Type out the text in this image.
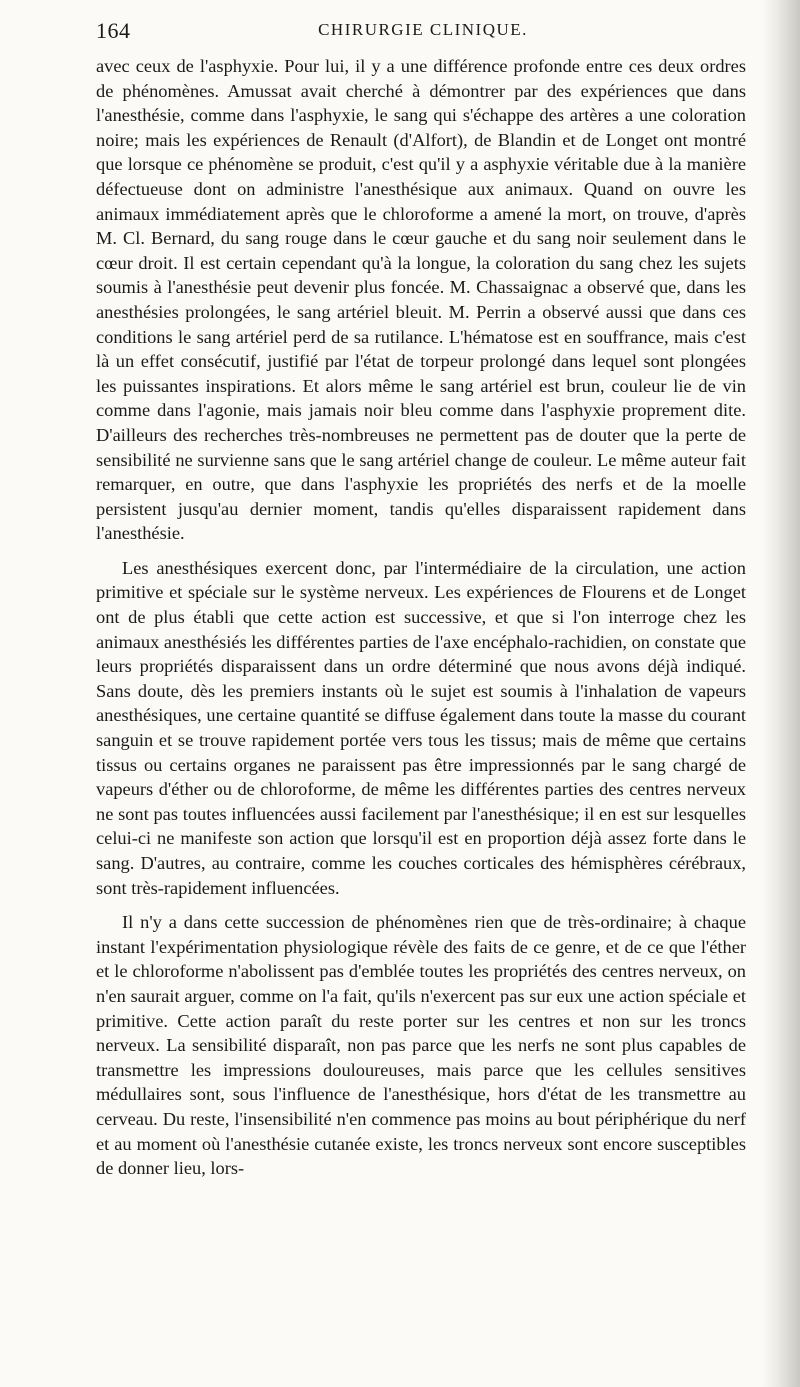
164	CHIRURGIE CLINIQUE.

avec ceux de l'asphyxie. Pour lui, il y a une différence profonde entre ces deux ordres de phénomènes. Amussat avait cherché à démontrer par des expériences que dans l'anesthésie, comme dans l'asphyxie, le sang qui s'échappe des artères a une coloration noire; mais les expériences de Renault (d'Alfort), de Blandin et de Longet ont montré que lorsque ce phénomène se produit, c'est qu'il y a asphyxie véritable due à la manière défectueuse dont on administre l'anesthésique aux animaux. Quand on ouvre les animaux immédiatement après que le chloroforme a amené la mort, on trouve, d'après M. Cl. Bernard, du sang rouge dans le cœur gauche et du sang noir seulement dans le cœur droit. Il est certain cependant qu'à la longue, la coloration du sang chez les sujets soumis à l'anesthésie peut devenir plus foncée. M. Chassaignac a observé que, dans les anesthésies prolongées, le sang artériel bleuit. M. Perrin a observé aussi que dans ces conditions le sang artériel perd de sa rutilance. L'hématose est en souffrance, mais c'est là un effet consécutif, justifié par l'état de torpeur prolongé dans lequel sont plongées les puissantes inspirations. Et alors même le sang artériel est brun, couleur lie de vin comme dans l'agonie, mais jamais noir bleu comme dans l'asphyxie proprement dite. D'ailleurs des recherches très-nombreuses ne permettent pas de douter que la perte de sensibilité ne survienne sans que le sang artériel change de couleur. Le même auteur fait remarquer, en outre, que dans l'asphyxie les propriétés des nerfs et de la moelle persistent jusqu'au dernier moment, tandis qu'elles disparaissent rapidement dans l'anesthésie.

Les anesthésiques exercent donc, par l'intermédiaire de la circulation, une action primitive et spéciale sur le système nerveux. Les expériences de Flourens et de Longet ont de plus établi que cette action est successive, et que si l'on interroge chez les animaux anesthésiés les différentes parties de l'axe encéphalo-rachidien, on constate que leurs propriétés disparaissent dans un ordre déterminé que nous avons déjà indiqué. Sans doute, dès les premiers instants où le sujet est soumis à l'inhalation de vapeurs anesthésiques, une certaine quantité se diffuse également dans toute la masse du courant sanguin et se trouve rapidement portée vers tous les tissus; mais de même que certains tissus ou certains organes ne paraissent pas être impressionnés par le sang chargé de vapeurs d'éther ou de chloroforme, de même les différentes parties des centres nerveux ne sont pas toutes influencées aussi facilement par l'anesthésique; il en est sur lesquelles celui-ci ne manifeste son action que lorsqu'il est en proportion déjà assez forte dans le sang. D'autres, au contraire, comme les couches corticales des hémisphères cérébraux, sont très-rapidement influencées.

Il n'y a dans cette succession de phénomènes rien que de très-ordinaire; à chaque instant l'expérimentation physiologique révèle des faits de ce genre, et de ce que l'éther et le chloroforme n'abolissent pas d'emblée toutes les propriétés des centres nerveux, on n'en saurait arguer, comme on l'a fait, qu'ils n'exercent pas sur eux une action spéciale et primitive. Cette action paraît du reste porter sur les centres et non sur les troncs nerveux. La sensibilité disparaît, non pas parce que les nerfs ne sont plus capables de transmettre les impressions douloureuses, mais parce que les cellules sensitives médullaires sont, sous l'influence de l'anesthésique, hors d'état de les transmettre au cerveau. Du reste, l'insensibilité n'en commence pas moins au bout périphérique du nerf et au moment où l'anesthésie cutanée existe, les troncs nerveux sont encore susceptibles de donner lieu, lors-
